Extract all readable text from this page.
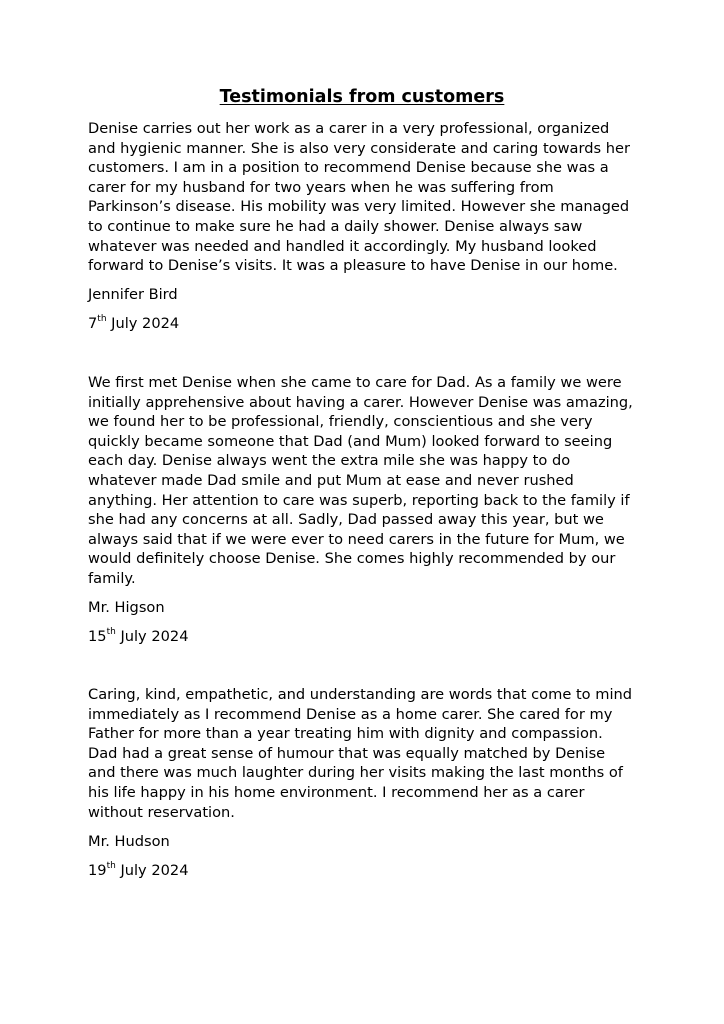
Testimonials from customers

Denise carries out her work as a carer in a very professional, organized
and hygienic manner. She is also very considerate and caring towards her
customers. I am in a position to recommend Denise because she was a
carer for my husband for two years when he was suffering from
Parkinson’s disease. His mobility was very limited. However she managed
to continue to make sure he had a daily shower. Denise always saw
whatever was needed and handled it accordingly. My husband looked
forward to Denise’s visits. It was a pleasure to have Denise in our home.

Jennifer Bird
7th July 2024

We first met Denise when she came to care for Dad. As a family we were
initially apprehensive about having a carer. However Denise was amazing,
we found her to be professional, friendly, conscientious and she very
quickly became someone that Dad (and Mum) looked forward to seeing
each day. Denise always went the extra mile she was happy to do
whatever made Dad smile and put Mum at ease and never rushed
anything. Her attention to care was superb, reporting back to the family if
she had any concerns at all. Sadly, Dad passed away this year, but we
always said that if we were ever to need carers in the future for Mum, we
would definitely choose Denise. She comes highly recommended by our
family.

Mr. Higson
15th July 2024

Caring, kind, empathetic, and understanding are words that come to mind
immediately as I recommend Denise as a home carer. She cared for my
Father for more than a year treating him with dignity and compassion.
Dad had a great sense of humour that was equally matched by Denise
and there was much laughter during her visits making the last months of
his life happy in his home environment. I recommend her as a carer
without reservation.

Mr. Hudson
19th July 2024
